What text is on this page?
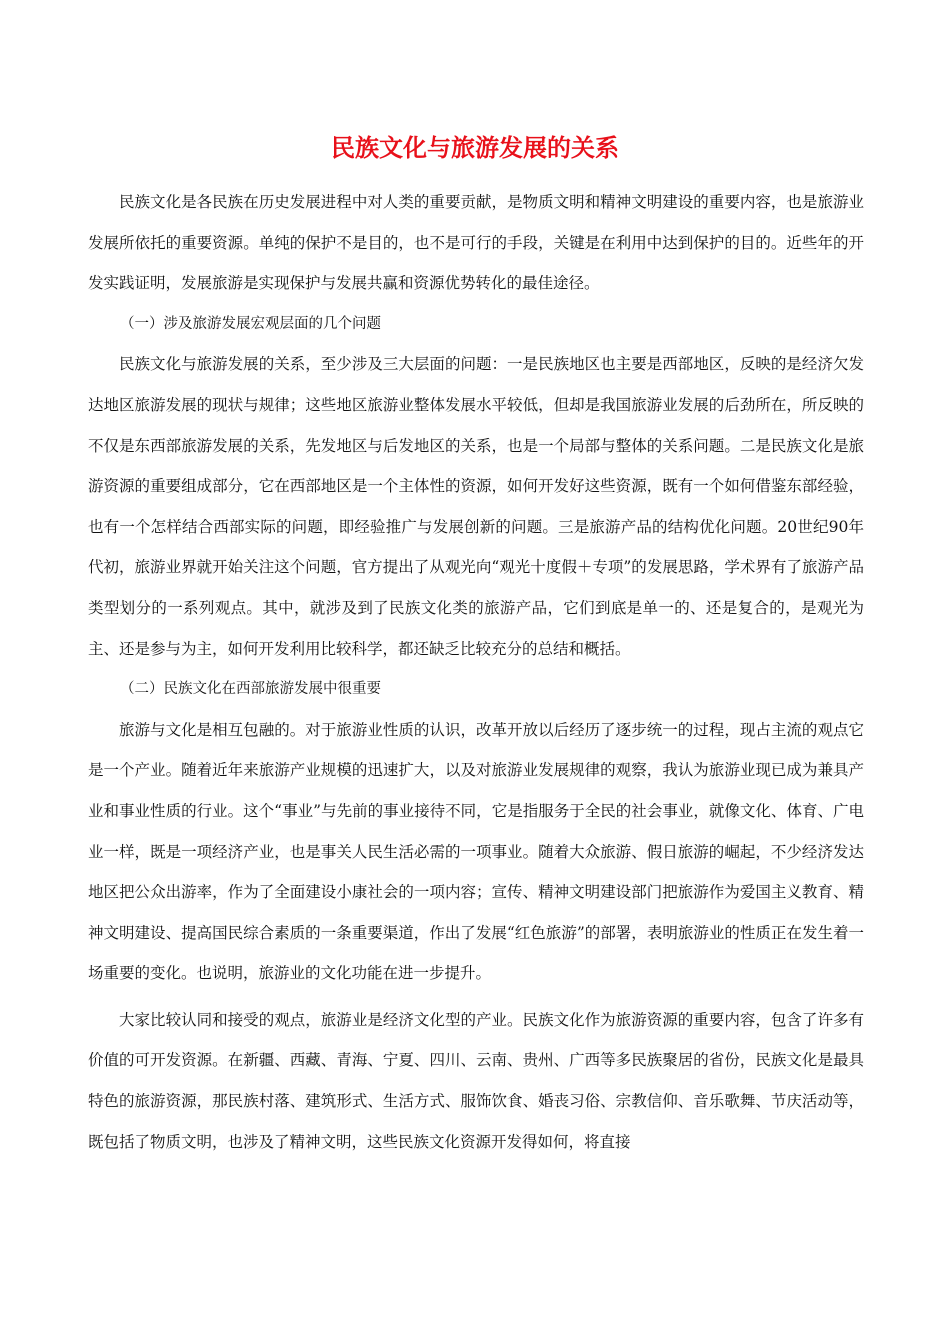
民族文化与旅游发展的关系

民族文化是各民族在历史发展进程中对人类的重要贡献，是物质文明和精神文明建设的重要内容，也是旅游业发展所依托的重要资源。单纯的保护不是目的，也不是可行的手段，关键是在利用中达到保护的目的。近些年的开发实践证明，发展旅游是实现保护与发展共赢和资源优势转化的最佳途径。

（一）涉及旅游发展宏观层面的几个问题

民族文化与旅游发展的关系，至少涉及三大层面的问题：一是民族地区也主要是西部地区，反映的是经济欠发达地区旅游发展的现状与规律；这些地区旅游业整体发展水平较低，但却是我国旅游业发展的后劲所在，所反映的不仅是东西部旅游发展的关系，先发地区与后发地区的关系，也是一个局部与整体的关系问题。二是民族文化是旅游资源的重要组成部分，它在西部地区是一个主体性的资源，如何开发好这些资源，既有一个如何借鉴东部经验，也有一个怎样结合西部实际的问题，即经验推广与发展创新的问题。三是旅游产品的结构优化问题。20世纪90年代初，旅游业界就开始关注这个问题，官方提出了从观光向“观光十度假＋专项”的发展思路，学术界有了旅游产品类型划分的一系列观点。其中，就涉及到了民族文化类的旅游产品，它们到底是单一的、还是复合的，是观光为主、还是参与为主，如何开发利用比较科学，都还缺乏比较充分的总结和概括。

（二）民族文化在西部旅游发展中很重要

旅游与文化是相互包融的。对于旅游业性质的认识，改革开放以后经历了逐步统一的过程，现占主流的观点它是一个产业。随着近年来旅游产业规模的迅速扩大，以及对旅游业发展规律的观察，我认为旅游业现已成为兼具产业和事业性质的行业。这个“事业”与先前的事业接待不同，它是指服务于全民的社会事业，就像文化、体育、广电业一样，既是一项经济产业，也是事关人民生活必需的一项事业。随着大众旅游、假日旅游的崛起，不少经济发达地区把公众出游率，作为了全面建设小康社会的一项内容；宣传、精神文明建设部门把旅游作为爱国主义教育、精神文明建设、提高国民综合素质的一条重要渠道，作出了发展“红色旅游”的部署，表明旅游业的性质正在发生着一场重要的变化。也说明，旅游业的文化功能在进一步提升。

大家比较认同和接受的观点，旅游业是经济文化型的产业。民族文化作为旅游资源的重要内容，包含了许多有价值的可开发资源。在新疆、西藏、青海、宁夏、四川、云南、贵州、广西等多民族聚居的省份，民族文化是最具特色的旅游资源，那民族村落、建筑形式、生活方式、服饰饮食、婚丧习俗、宗教信仰、音乐歌舞、节庆活动等，既包括了物质文明，也涉及了精神文明，这些民族文化资源开发得如何，将直接
